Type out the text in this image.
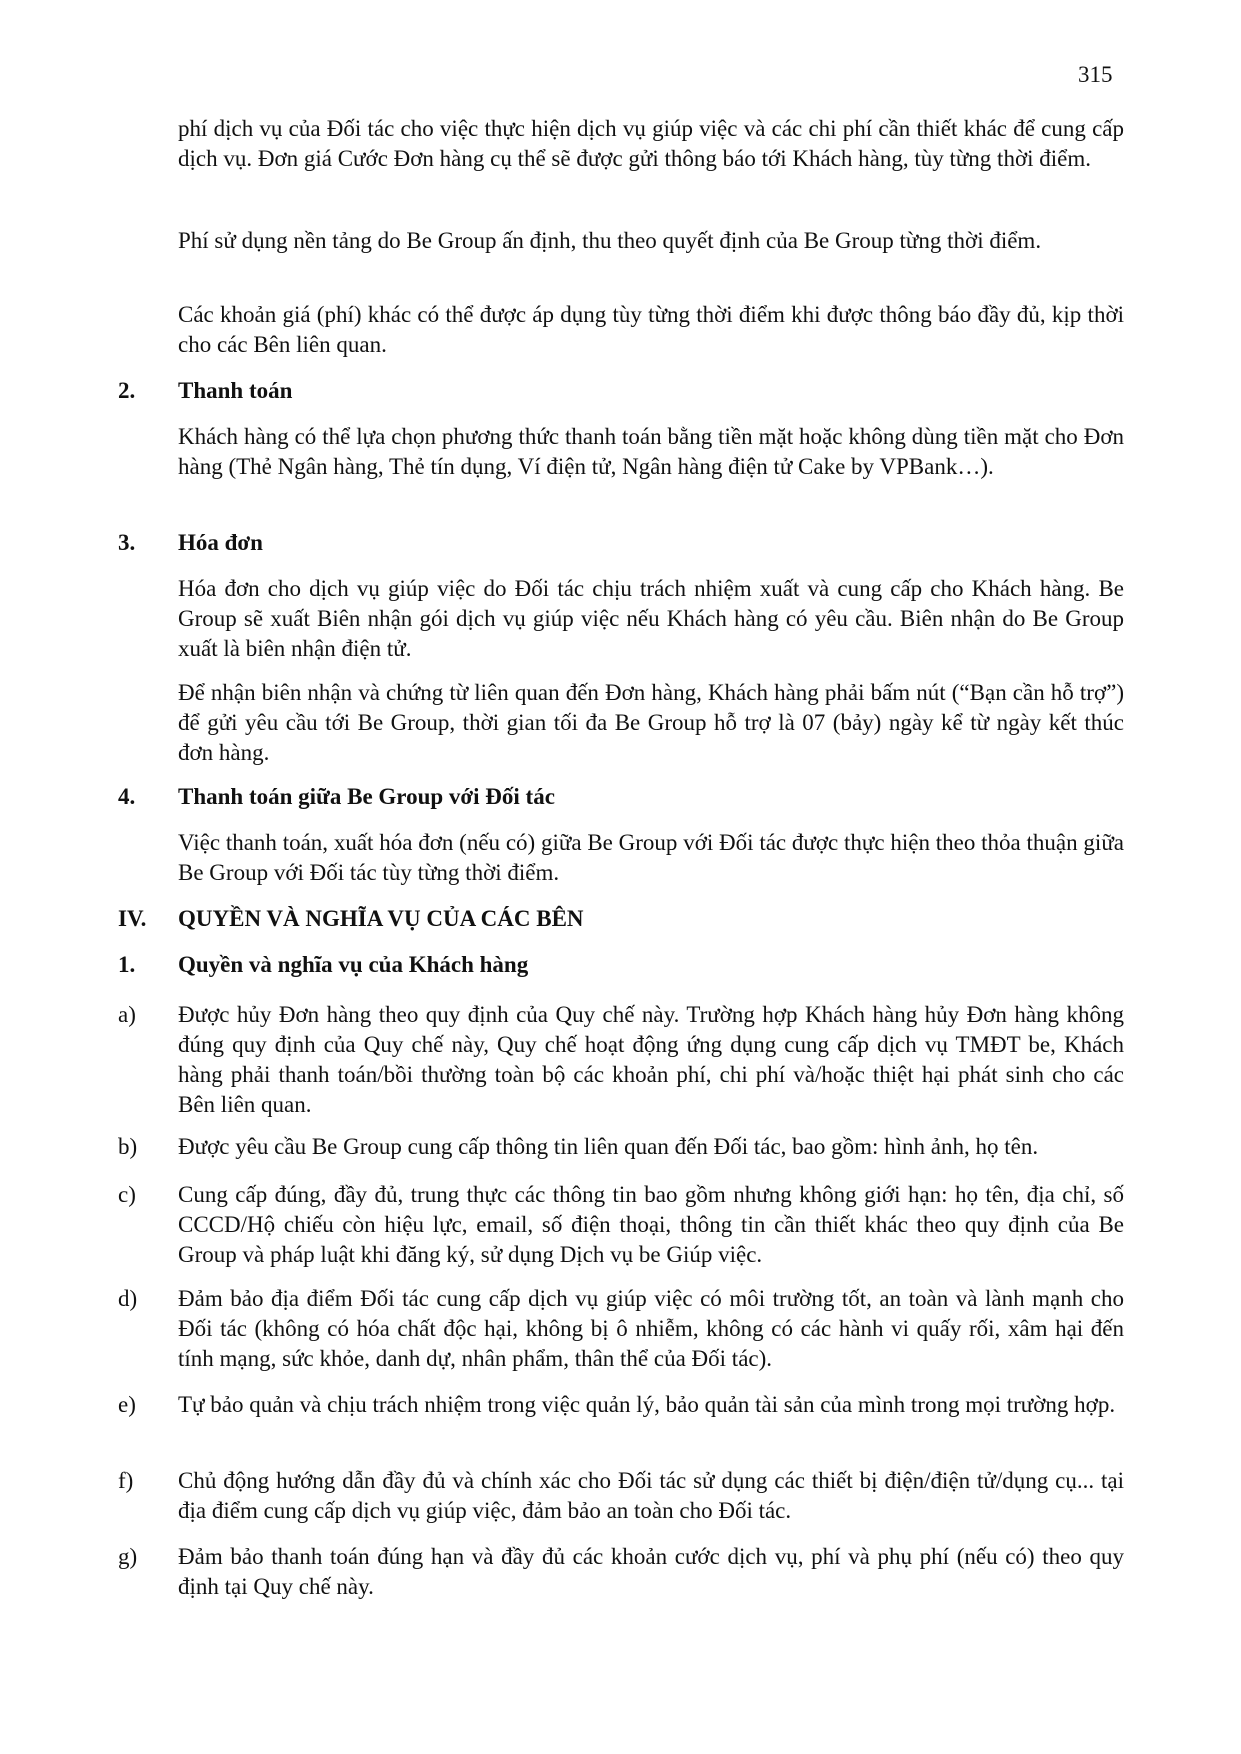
315
phí dịch vụ của Đối tác cho việc thực hiện dịch vụ giúp việc và các chi phí cần thiết khác để cung cấp dịch vụ. Đơn giá Cước Đơn hàng cụ thể sẽ được gửi thông báo tới Khách hàng, tùy từng thời điểm.
Phí sử dụng nền tảng do Be Group ấn định, thu theo quyết định của Be Group từng thời điểm.
Các khoản giá (phí) khác có thể được áp dụng tùy từng thời điểm khi được thông báo đầy đủ, kịp thời cho các Bên liên quan.
2. Thanh toán
Khách hàng có thể lựa chọn phương thức thanh toán bằng tiền mặt hoặc không dùng tiền mặt cho Đơn hàng (Thẻ Ngân hàng, Thẻ tín dụng, Ví điện tử, Ngân hàng điện tử Cake by VPBank…).
3. Hóa đơn
Hóa đơn cho dịch vụ giúp việc do Đối tác chịu trách nhiệm xuất và cung cấp cho Khách hàng. Be Group sẽ xuất Biên nhận gói dịch vụ giúp việc nếu Khách hàng có yêu cầu. Biên nhận do Be Group xuất là biên nhận điện tử.
Để nhận biên nhận và chứng từ liên quan đến Đơn hàng, Khách hàng phải bấm nút (“Bạn cần hỗ trợ”) để gửi yêu cầu tới Be Group, thời gian tối đa Be Group hỗ trợ là 07 (bảy) ngày kể từ ngày kết thúc đơn hàng.
4. Thanh toán giữa Be Group với Đối tác
Việc thanh toán, xuất hóa đơn (nếu có) giữa Be Group với Đối tác được thực hiện theo thỏa thuận giữa Be Group với Đối tác tùy từng thời điểm.
IV. QUYỀN VÀ NGHĨA VỤ CỦA CÁC BÊN
1. Quyền và nghĩa vụ của Khách hàng
a) Được hủy Đơn hàng theo quy định của Quy chế này. Trường hợp Khách hàng hủy Đơn hàng không đúng quy định của Quy chế này, Quy chế hoạt động ứng dụng cung cấp dịch vụ TMĐT be, Khách hàng phải thanh toán/bồi thường toàn bộ các khoản phí, chi phí và/hoặc thiệt hại phát sinh cho các Bên liên quan.
b) Được yêu cầu Be Group cung cấp thông tin liên quan đến Đối tác, bao gồm: hình ảnh, họ tên.
c) Cung cấp đúng, đầy đủ, trung thực các thông tin bao gồm nhưng không giới hạn: họ tên, địa chỉ, số CCCD/Hộ chiếu còn hiệu lực, email, số điện thoại, thông tin cần thiết khác theo quy định của Be Group và pháp luật khi đăng ký, sử dụng Dịch vụ be Giúp việc.
d) Đảm bảo địa điểm Đối tác cung cấp dịch vụ giúp việc có môi trường tốt, an toàn và lành mạnh cho Đối tác (không có hóa chất độc hại, không bị ô nhiễm, không có các hành vi quấy rối, xâm hại đến tính mạng, sức khỏe, danh dự, nhân phẩm, thân thể của Đối tác).
e) Tự bảo quản và chịu trách nhiệm trong việc quản lý, bảo quản tài sản của mình trong mọi trường hợp.
f) Chủ động hướng dẫn đầy đủ và chính xác cho Đối tác sử dụng các thiết bị điện/điện tử/dụng cụ... tại địa điểm cung cấp dịch vụ giúp việc, đảm bảo an toàn cho Đối tác.
g) Đảm bảo thanh toán đúng hạn và đầy đủ các khoản cước dịch vụ, phí và phụ phí (nếu có) theo quy định tại Quy chế này.
